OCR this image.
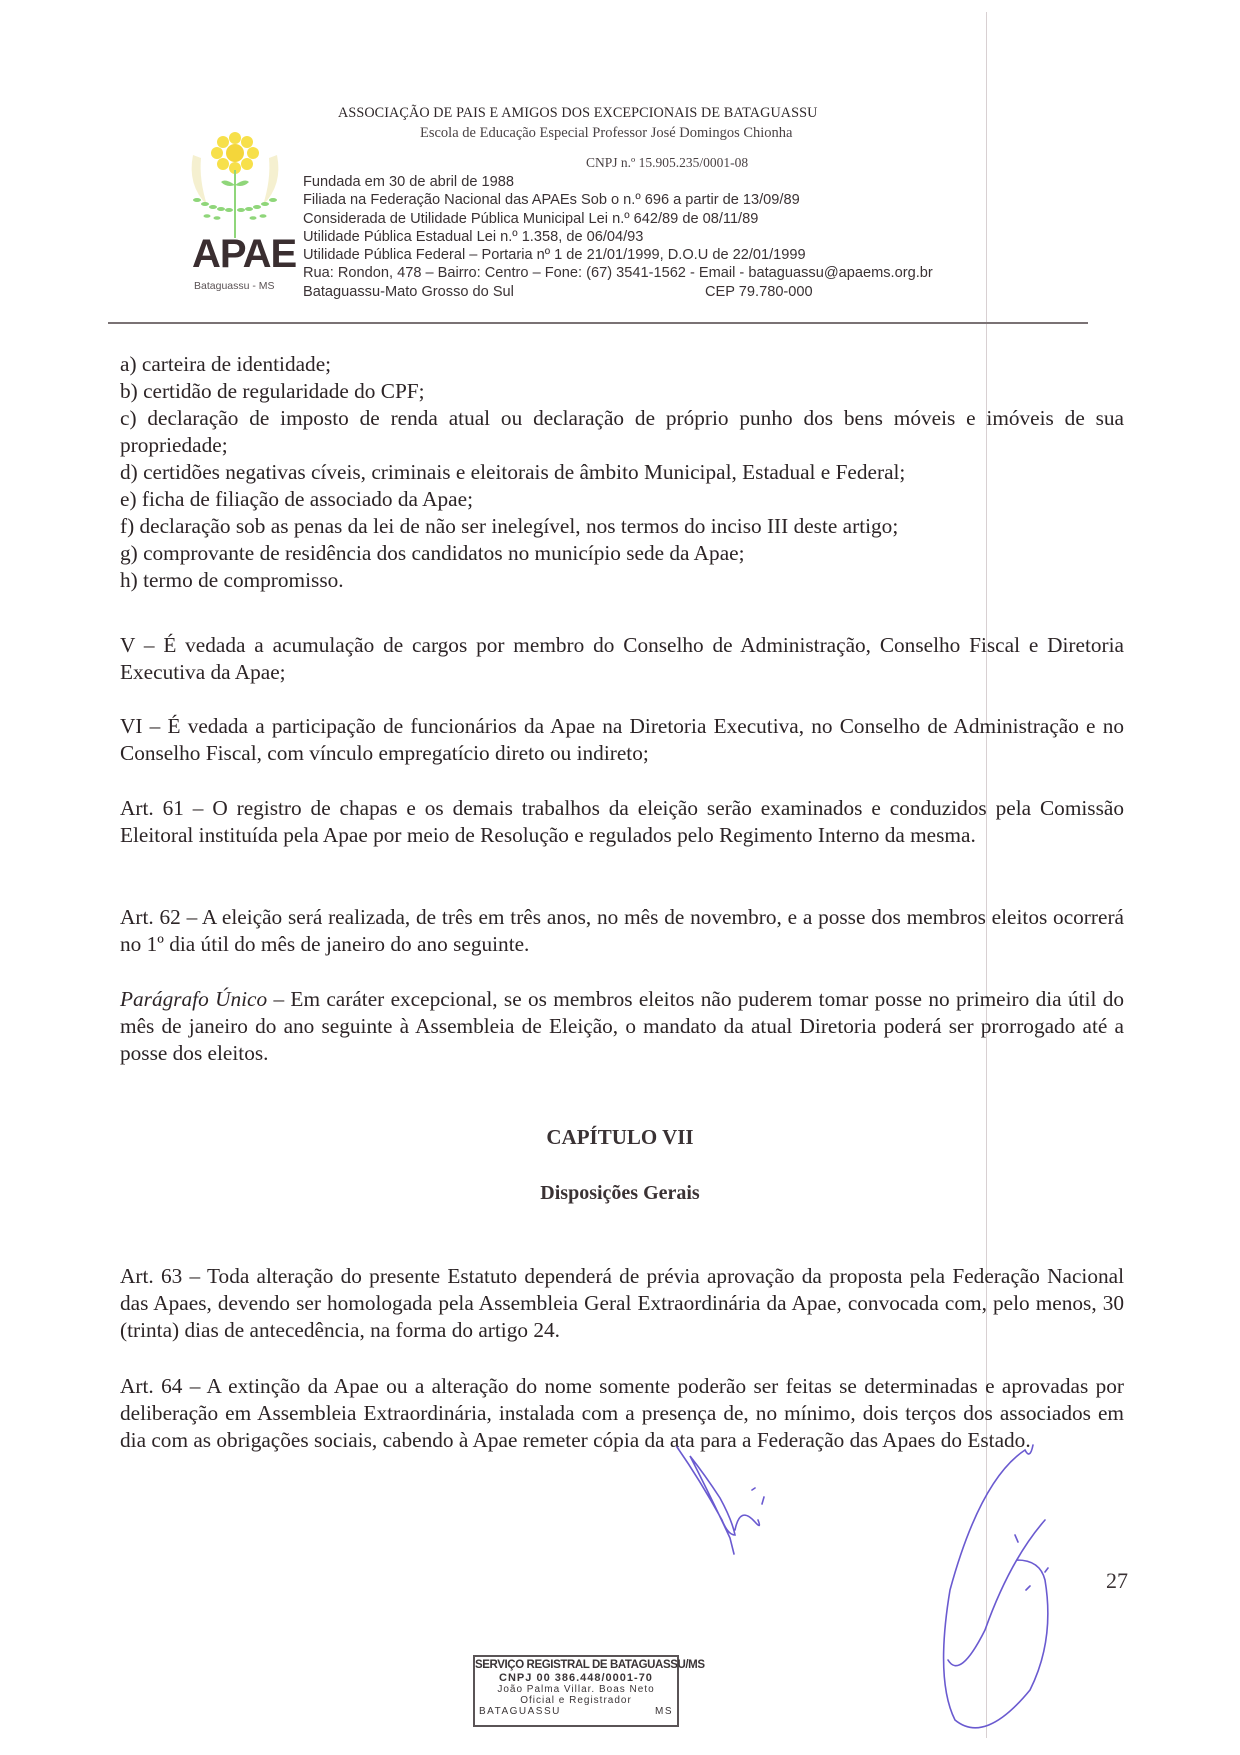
APAE
Bataguassu - MS
ASSOCIAÇÃO DE PAIS E AMIGOS DOS EXCEPCIONAIS DE BATAGUASSU
Escola de Educação Especial Professor José Domingos Chionha
CNPJ n.º 15.905.235/0001-08
Fundada em 30 de abril de 1988
Filiada na Federação Nacional das APAEs Sob o n.º 696 a partir de 13/09/89
Considerada de Utilidade Pública Municipal Lei n.º 642/89 de 08/11/89
Utilidade Pública Estadual Lei n.º 1.358, de 06/04/93
Utilidade Pública Federal – Portaria nº 1 de 21/01/1999, D.O.U de 22/01/1999
Rua: Rondon, 478 – Bairro: Centro – Fone: (67) 3541-1562 - Email - bataguassu@apaems.org.br
Bataguassu-Mato Grosso do Sul	CEP 79.780-000

a) carteira de identidade;

b) certidão de regularidade do CPF;

c) declaração de imposto de renda atual ou declaração de próprio punho dos bens móveis e imóveis de sua propriedade;

d) certidões negativas cíveis, criminais e eleitorais de âmbito Municipal, Estadual e Federal;

e) ficha de filiação de associado da Apae;

f) declaração sob as penas da lei de não ser inelegível, nos termos do inciso III deste artigo;

g) comprovante de residência dos candidatos no município sede da Apae;

h) termo de compromisso.

V – É vedada a acumulação de cargos por membro do Conselho de Administração, Conselho Fiscal e Diretoria Executiva da Apae;
VI – É vedada a participação de funcionários da Apae na Diretoria Executiva, no Conselho de Administração e no Conselho Fiscal, com vínculo empregatício direto ou indireto;
Art. 61 – O registro de chapas e os demais trabalhos da eleição serão examinados e conduzidos pela Comissão Eleitoral instituída pela Apae por meio de Resolução e regulados pelo Regimento Interno da mesma.
Art. 62 – A eleição será realizada, de três em três anos, no mês de novembro, e a posse dos membros eleitos ocorrerá no 1º dia útil do mês de janeiro do ano seguinte.
Parágrafo Único – Em caráter excepcional, se os membros eleitos não puderem tomar posse no primeiro dia útil do mês de janeiro do ano seguinte à Assembleia de Eleição, o mandato da atual Diretoria poderá ser prorrogado até a posse dos eleitos.
CAPÍTULO VII
Disposições Gerais
Art. 63 – Toda alteração do presente Estatuto dependerá de prévia aprovação da proposta pela Federação Nacional das Apaes, devendo ser homologada pela Assembleia Geral Extraordinária da Apae, convocada com, pelo menos, 30 (trinta) dias de antecedência, na forma do artigo 24.
Art. 64 – A extinção da Apae ou a alteração do nome somente poderão ser feitas se determinadas e aprovadas por deliberação em Assembleia Extraordinária, instalada com a presença de, no mínimo, dois terços dos associados em dia com as obrigações sociais, cabendo à Apae remeter cópia da ata para a Federação das Apaes do Estado.
27
SERVIÇO REGISTRAL DE BATAGUASSU/MS
CNPJ 00 386.448/0001-70
João Palma Villar. Boas Neto
Oficial e Registrador
BATAGUASSU	MS
